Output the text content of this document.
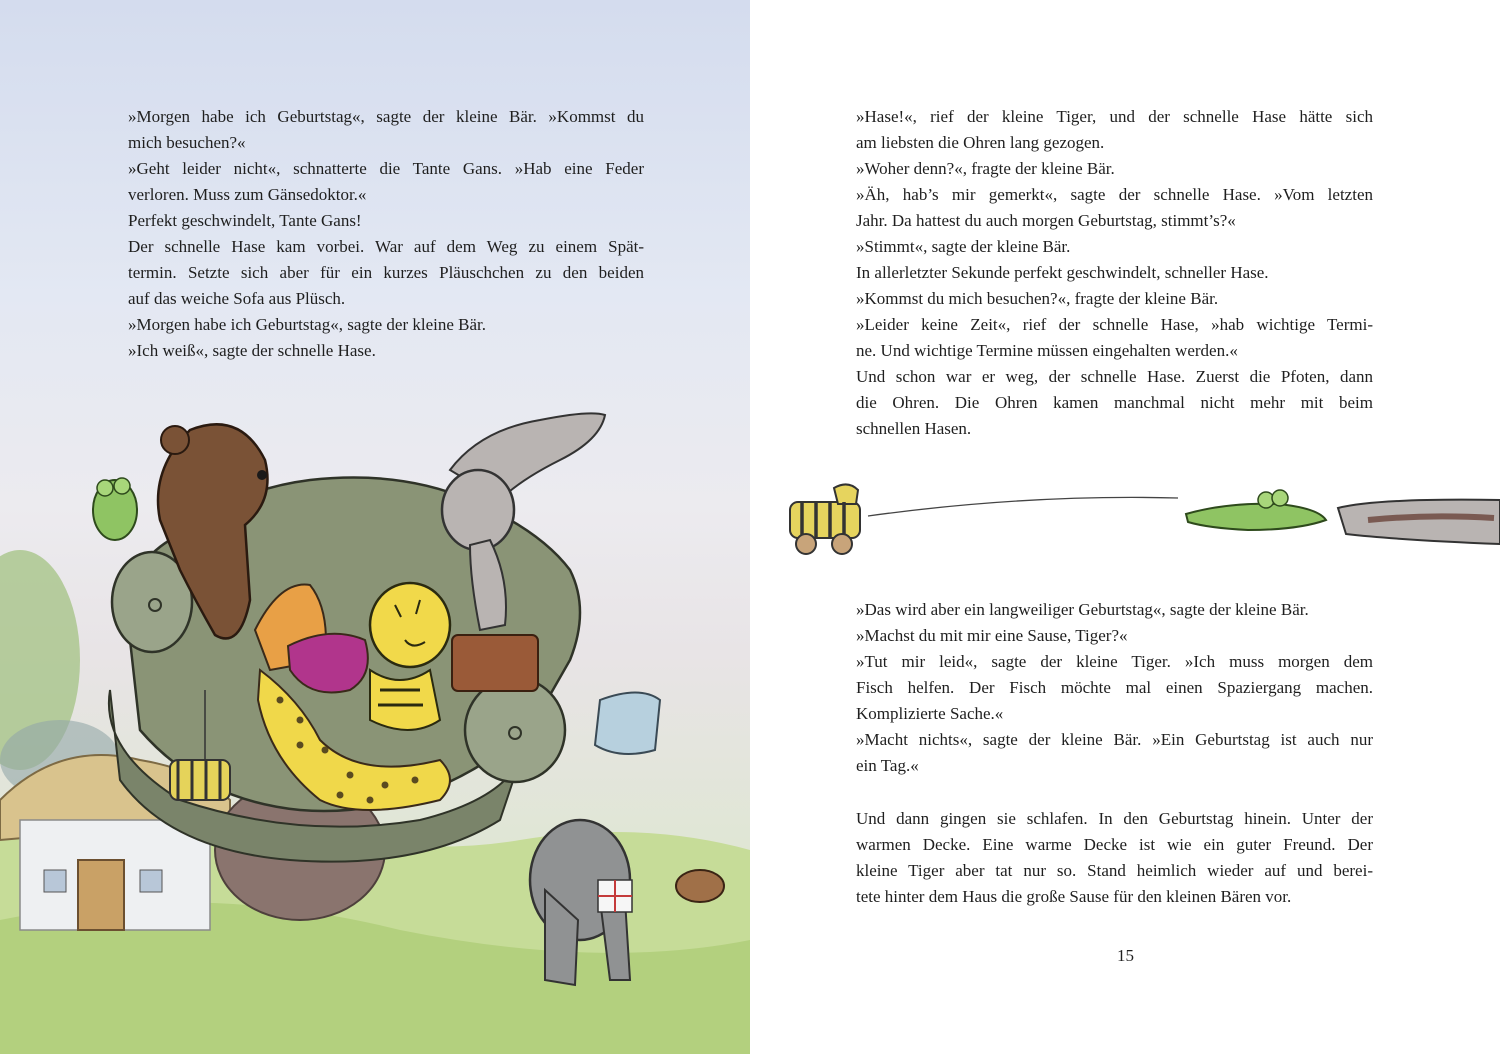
»Morgen habe ich Geburtstag«, sagte der kleine Bär. »Kommst du
mich besuchen?«
»Geht leider nicht«, schnatterte die Tante Gans. »Hab eine Feder
verloren. Muss zum Gänsedoktor.«
Perfekt geschwindelt, Tante Gans!
Der schnelle Hase kam vorbei. War auf dem Weg zu einem Spät-
termin. Setzte sich aber für ein kurzes Pläuschchen zu den beiden
auf das weiche Sofa aus Plüsch.
»Morgen habe ich Geburtstag«, sagte der kleine Bär.
»Ich weiß«, sagte der schnelle Hase.
»Hase!«, rief der kleine Tiger, und der schnelle Hase hätte sich
am liebsten die Ohren lang gezogen.
»Woher denn?«, fragte der kleine Bär.
»Äh, hab’s mir gemerkt«, sagte der schnelle Hase. »Vom letzten
Jahr. Da hattest du auch morgen Geburtstag, stimmt’s?«
»Stimmt«, sagte der kleine Bär.
In allerletzter Sekunde perfekt geschwindelt, schneller Hase.
»Kommst du mich besuchen?«, fragte der kleine Bär.
»Leider keine Zeit«, rief der schnelle Hase, »hab wichtige Termi-
ne. Und wichtige Termine müssen eingehalten werden.«
Und schon war er weg, der schnelle Hase. Zuerst die Pfoten, dann
die Ohren. Die Ohren kamen manchmal nicht mehr mit beim
schnellen Hasen.
»Das wird aber ein langweiliger Geburtstag«, sagte der kleine Bär.
»Machst du mit mir eine Sause, Tiger?«
»Tut mir leid«, sagte der kleine Tiger. »Ich muss morgen dem
Fisch helfen. Der Fisch möchte mal einen Spaziergang machen.
Komplizierte Sache.«
»Macht nichts«, sagte der kleine Bär. »Ein Geburtstag ist auch nur
ein Tag.«
Und dann gingen sie schlafen. In den Geburtstag hinein. Unter der
warmen Decke. Eine warme Decke ist wie ein guter Freund. Der
kleine Tiger aber tat nur so. Stand heimlich wieder auf und berei-
tete hinter dem Haus die große Sause für den kleinen Bären vor.
15
